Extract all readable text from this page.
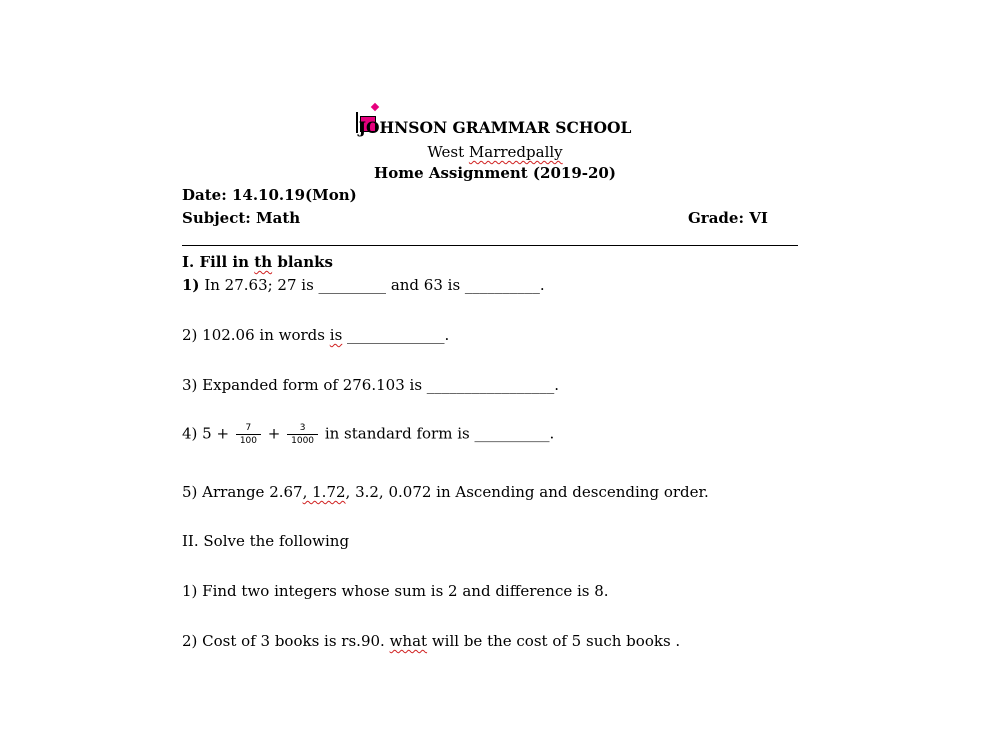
JOHNSON GRAMMAR SCHOOL
West Marredpally
Home Assignment (2019-20)
Date: 14.10.19(Mon)
Subject: Math	Grade: VI
I. Fill in th blanks
1) In 27.63; 27 is _________ and 63 is __________.
2) 102.06 in words is _____________.
3) Expanded form of 276.103 is _________________.
4) $5 + \frac{7}{100} + \frac{3}{1000}$ in standard form is __________.
5) Arrange 2.67, 1.72, 3.2, 0.072 in Ascending and descending order.
II. Solve the following
1) Find two integers whose sum is 2 and difference is 8.
2) Cost of 3 books is rs.90. what will be the cost of 5 such books .
